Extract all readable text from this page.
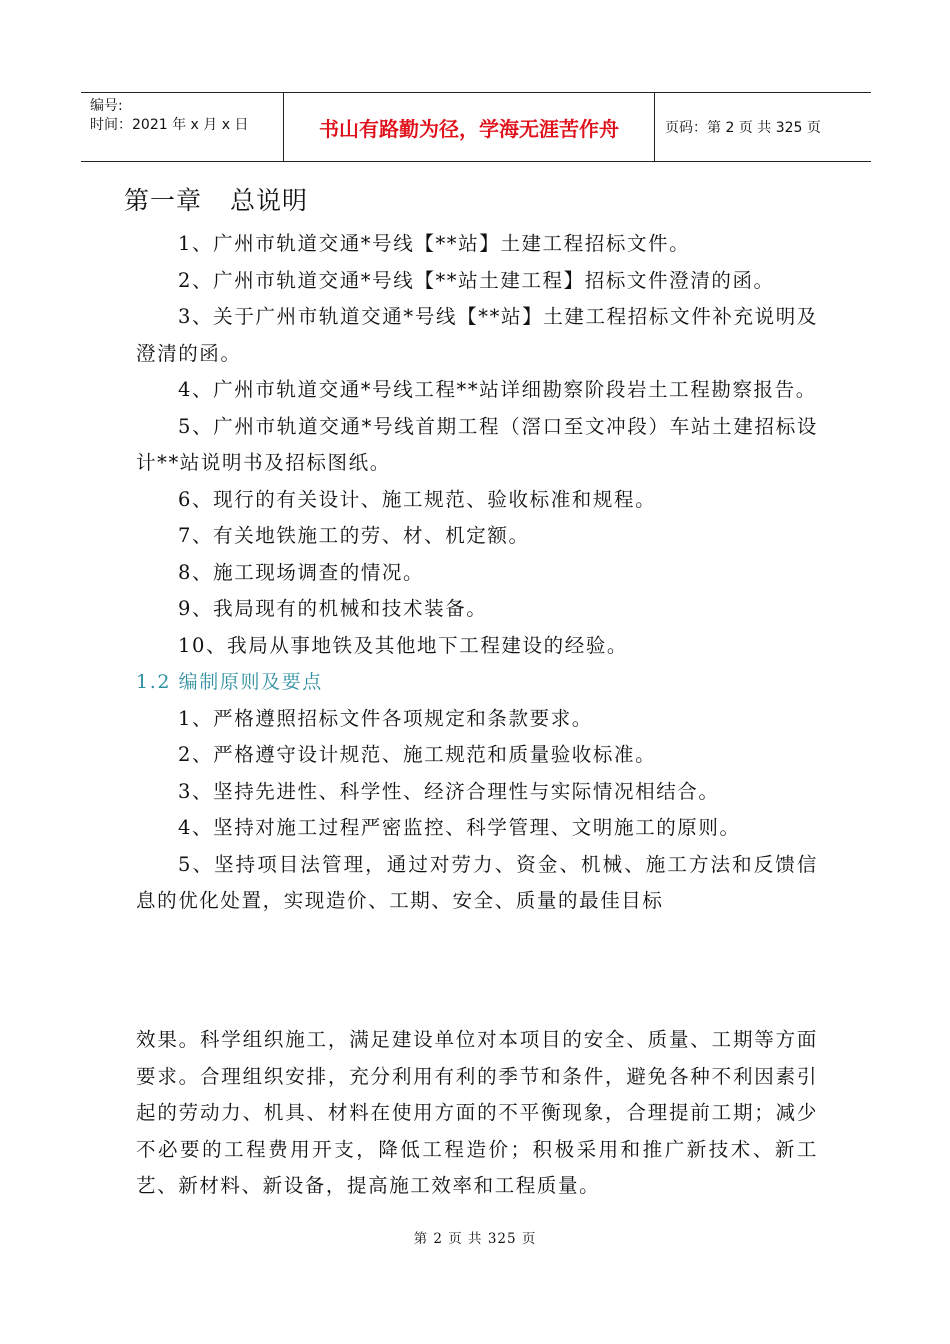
编号:
时间：2021 年 x 月 x 日	书山有路勤为径，学海无涯苦作舟	页码：第 2 页 共 325 页
第一章 总说明

1、广州市轨道交通*号线【**站】土建工程招标文件。

2、广州市轨道交通*号线【**站土建工程】招标文件澄清的函。

3、关于广州市轨道交通*号线【**站】土建工程招标文件补充说明及澄清的函。

4、广州市轨道交通*号线工程**站详细勘察阶段岩土工程勘察报告。

5、广州市轨道交通*号线首期工程（滘口至文冲段）车站土建招标设计**站说明书及招标图纸。

6、现行的有关设计、施工规范、验收标准和规程。

7、有关地铁施工的劳、材、机定额。

8、施工现场调查的情况。

9、我局现有的机械和技术装备。

10、我局从事地铁及其他地下工程建设的经验。

1.2 编制原则及要点

1、严格遵照招标文件各项规定和条款要求。

2、严格遵守设计规范、施工规范和质量验收标准。

3、坚持先进性、科学性、经济合理性与实际情况相结合。

4、坚持对施工过程严密监控、科学管理、文明施工的原则。

5、坚持项目法管理，通过对劳力、资金、机械、施工方法和反馈信息的优化处置，实现造价、工期、安全、质量的最佳目标

效果。科学组织施工，满足建设单位对本项目的安全、质量、工期等方面要求。合理组织安排，充分利用有利的季节和条件，避免各种不利因素引起的劳动力、机具、材料在使用方面的不平衡现象，合理提前工期；减少不必要的工程费用开支，降低工程造价；积极采用和推广新技术、新工艺、新材料、新设备，提高施工效率和工程质量。

第 2 页 共 325 页
